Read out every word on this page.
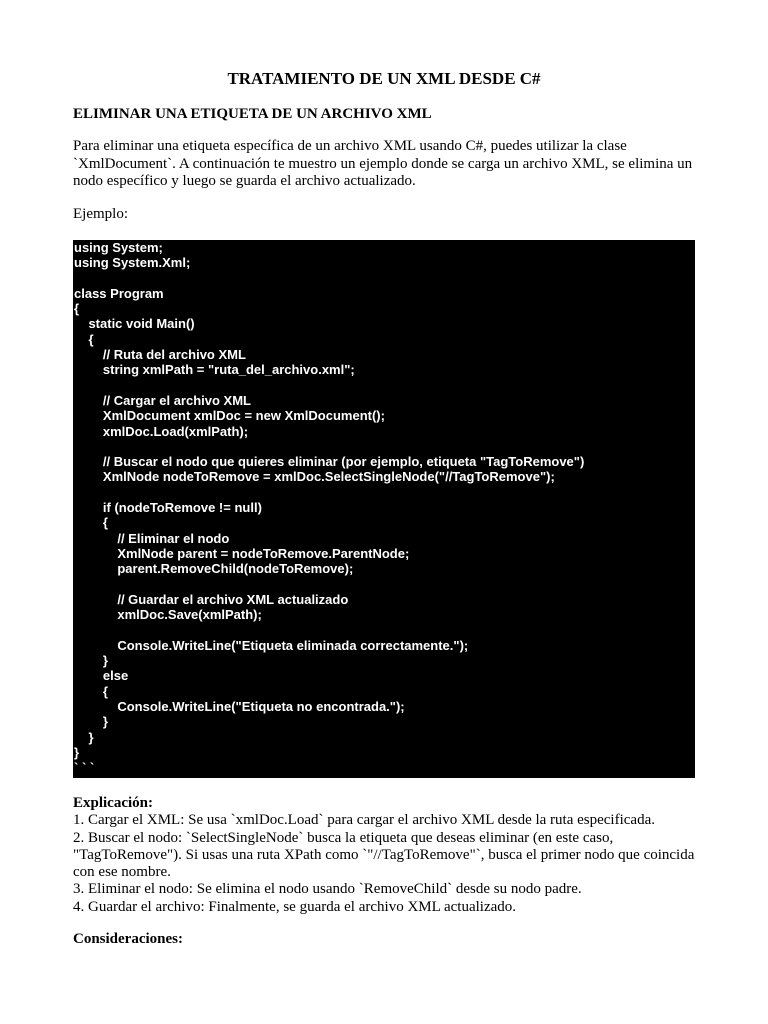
TRATAMIENTO DE UN XML DESDE C#
ELIMINAR UNA ETIQUETA DE UN ARCHIVO XML

Para eliminar una etiqueta específica de un archivo XML usando C#, puedes utilizar la clase `XmlDocument`. A continuación te muestro un ejemplo donde se carga un archivo XML, se elimina un nodo específico y luego se guarda el archivo actualizado.

Ejemplo:

using System;
using System.Xml;
class Program
{
static void Main()
{
// Ruta del archivo XML
string xmlPath = "ruta_del_archivo.xml";
// Cargar el archivo XML
XmlDocument xmlDoc = new XmlDocument();
xmlDoc.Load(xmlPath);
// Buscar el nodo que quieres eliminar (por ejemplo, etiqueta "TagToRemove")
XmlNode nodeToRemove = xmlDoc.SelectSingleNode("//TagToRemove");
if (nodeToRemove != null)
{
// Eliminar el nodo
XmlNode parent = nodeToRemove.ParentNode;
parent.RemoveChild(nodeToRemove);
// Guardar el archivo XML actualizado
xmlDoc.Save(xmlPath);
Console.WriteLine("Etiqueta eliminada correctamente.");
}
else
{
Console.WriteLine("Etiqueta no encontrada.");
}
}
}
` ` `
Explicación:
1. Cargar el XML: Se usa `xmlDoc.Load` para cargar el archivo XML desde la ruta especificada.
2. Buscar el nodo: `SelectSingleNode` busca la etiqueta que deseas eliminar (en este caso, "TagToRemove"). Si usas una ruta XPath como `"//TagToRemove"`, busca el primer nodo que coincida con ese nombre.
3. Eliminar el nodo: Se elimina el nodo usando `RemoveChild` desde su nodo padre.
4. Guardar el archivo: Finalmente, se guarda el archivo XML actualizado.

Consideraciones:
